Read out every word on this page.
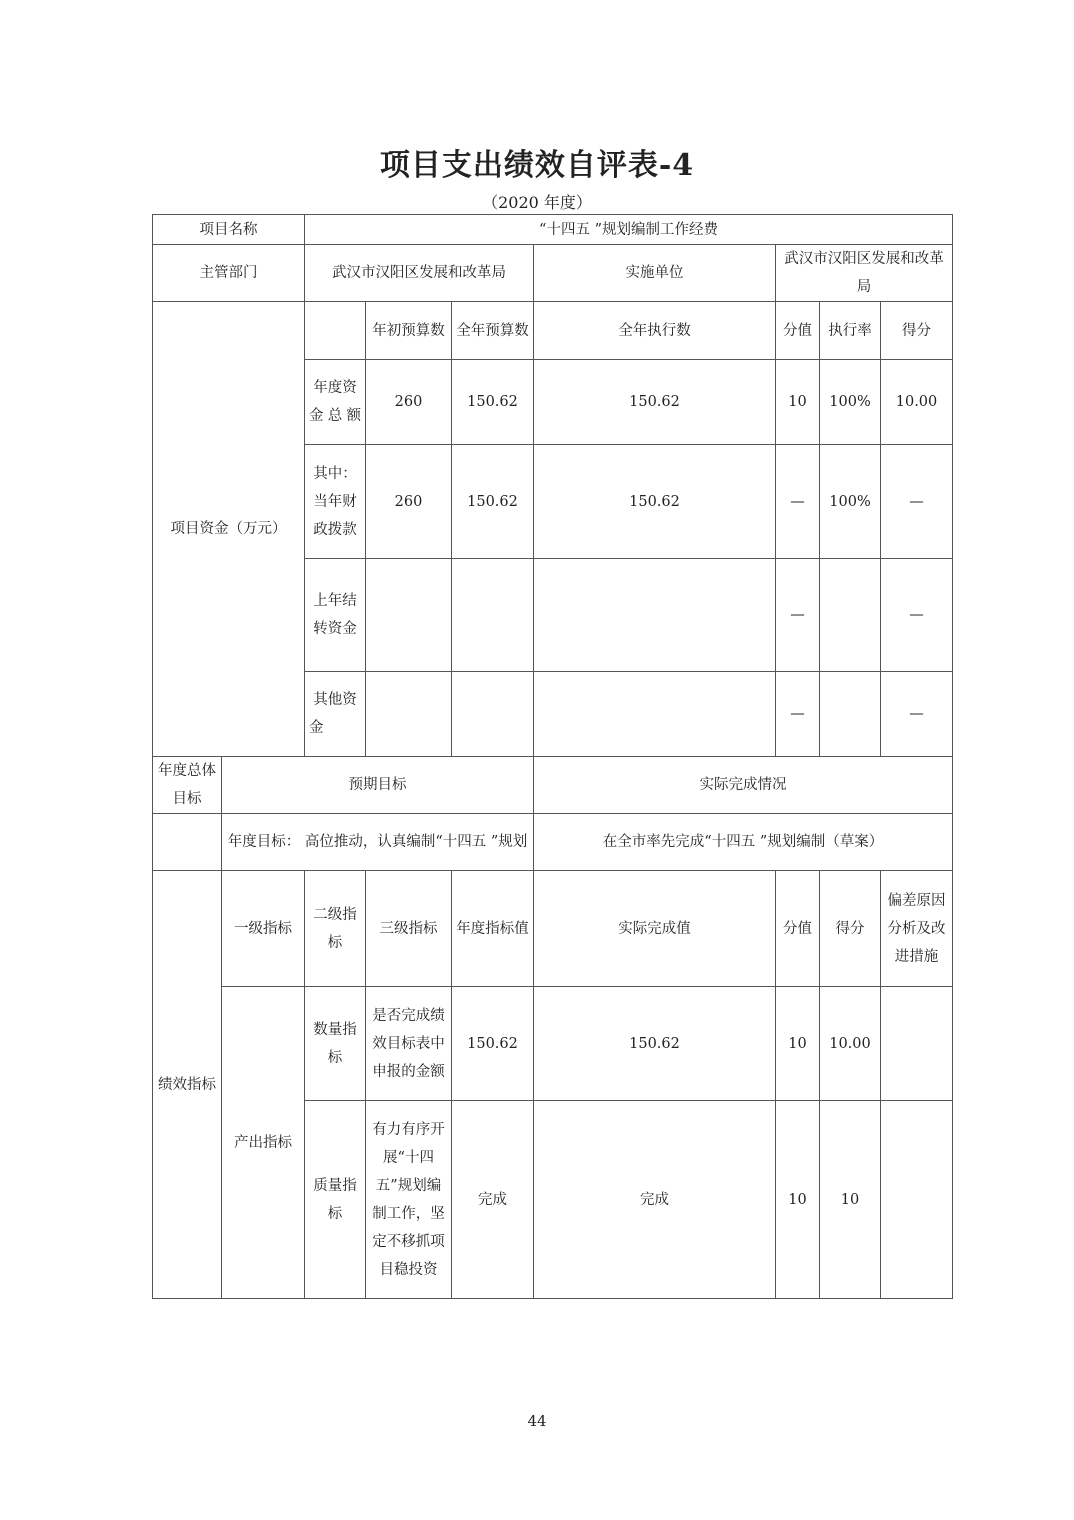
项目支出绩效自评表-4
（2020 年度）
项目名称		“十四五 ”规划编制工作经费						
主管部门		武汉市汉阳区发展和改革局			实施单位	武汉市汉阳区发展和改革局		
项目资金（万元）			年初预算数	全年预算数	全年执行数	分值	执行率	得分
		年度资金总额	260	150.62	150.62	10	100%	10.00
		其中：当年财政拨款	260	150.62	150.62	—	100%	—
		上年结转资金				—		—
		其他资金				—		—
年度总体目标	预期目标				实际完成情况			
	年度目标： 高位推动，认真编制“十四五 ”规划				在全市率先完成“十四五 ”规划编制（草案）			
绩效指标	一级指标	二级指标	三级指标	年度指标值	实际完成值	分值	得分	偏差原因分析及改进措施
	产出指标	数量指标	是否完成绩效目标表中申报的金额	150.62	150.62	10	10.00	
		质量指标	有力有序开展“十四五”规划编制工作，坚定不移抓项目稳投资	完成	完成	10	10	
44
